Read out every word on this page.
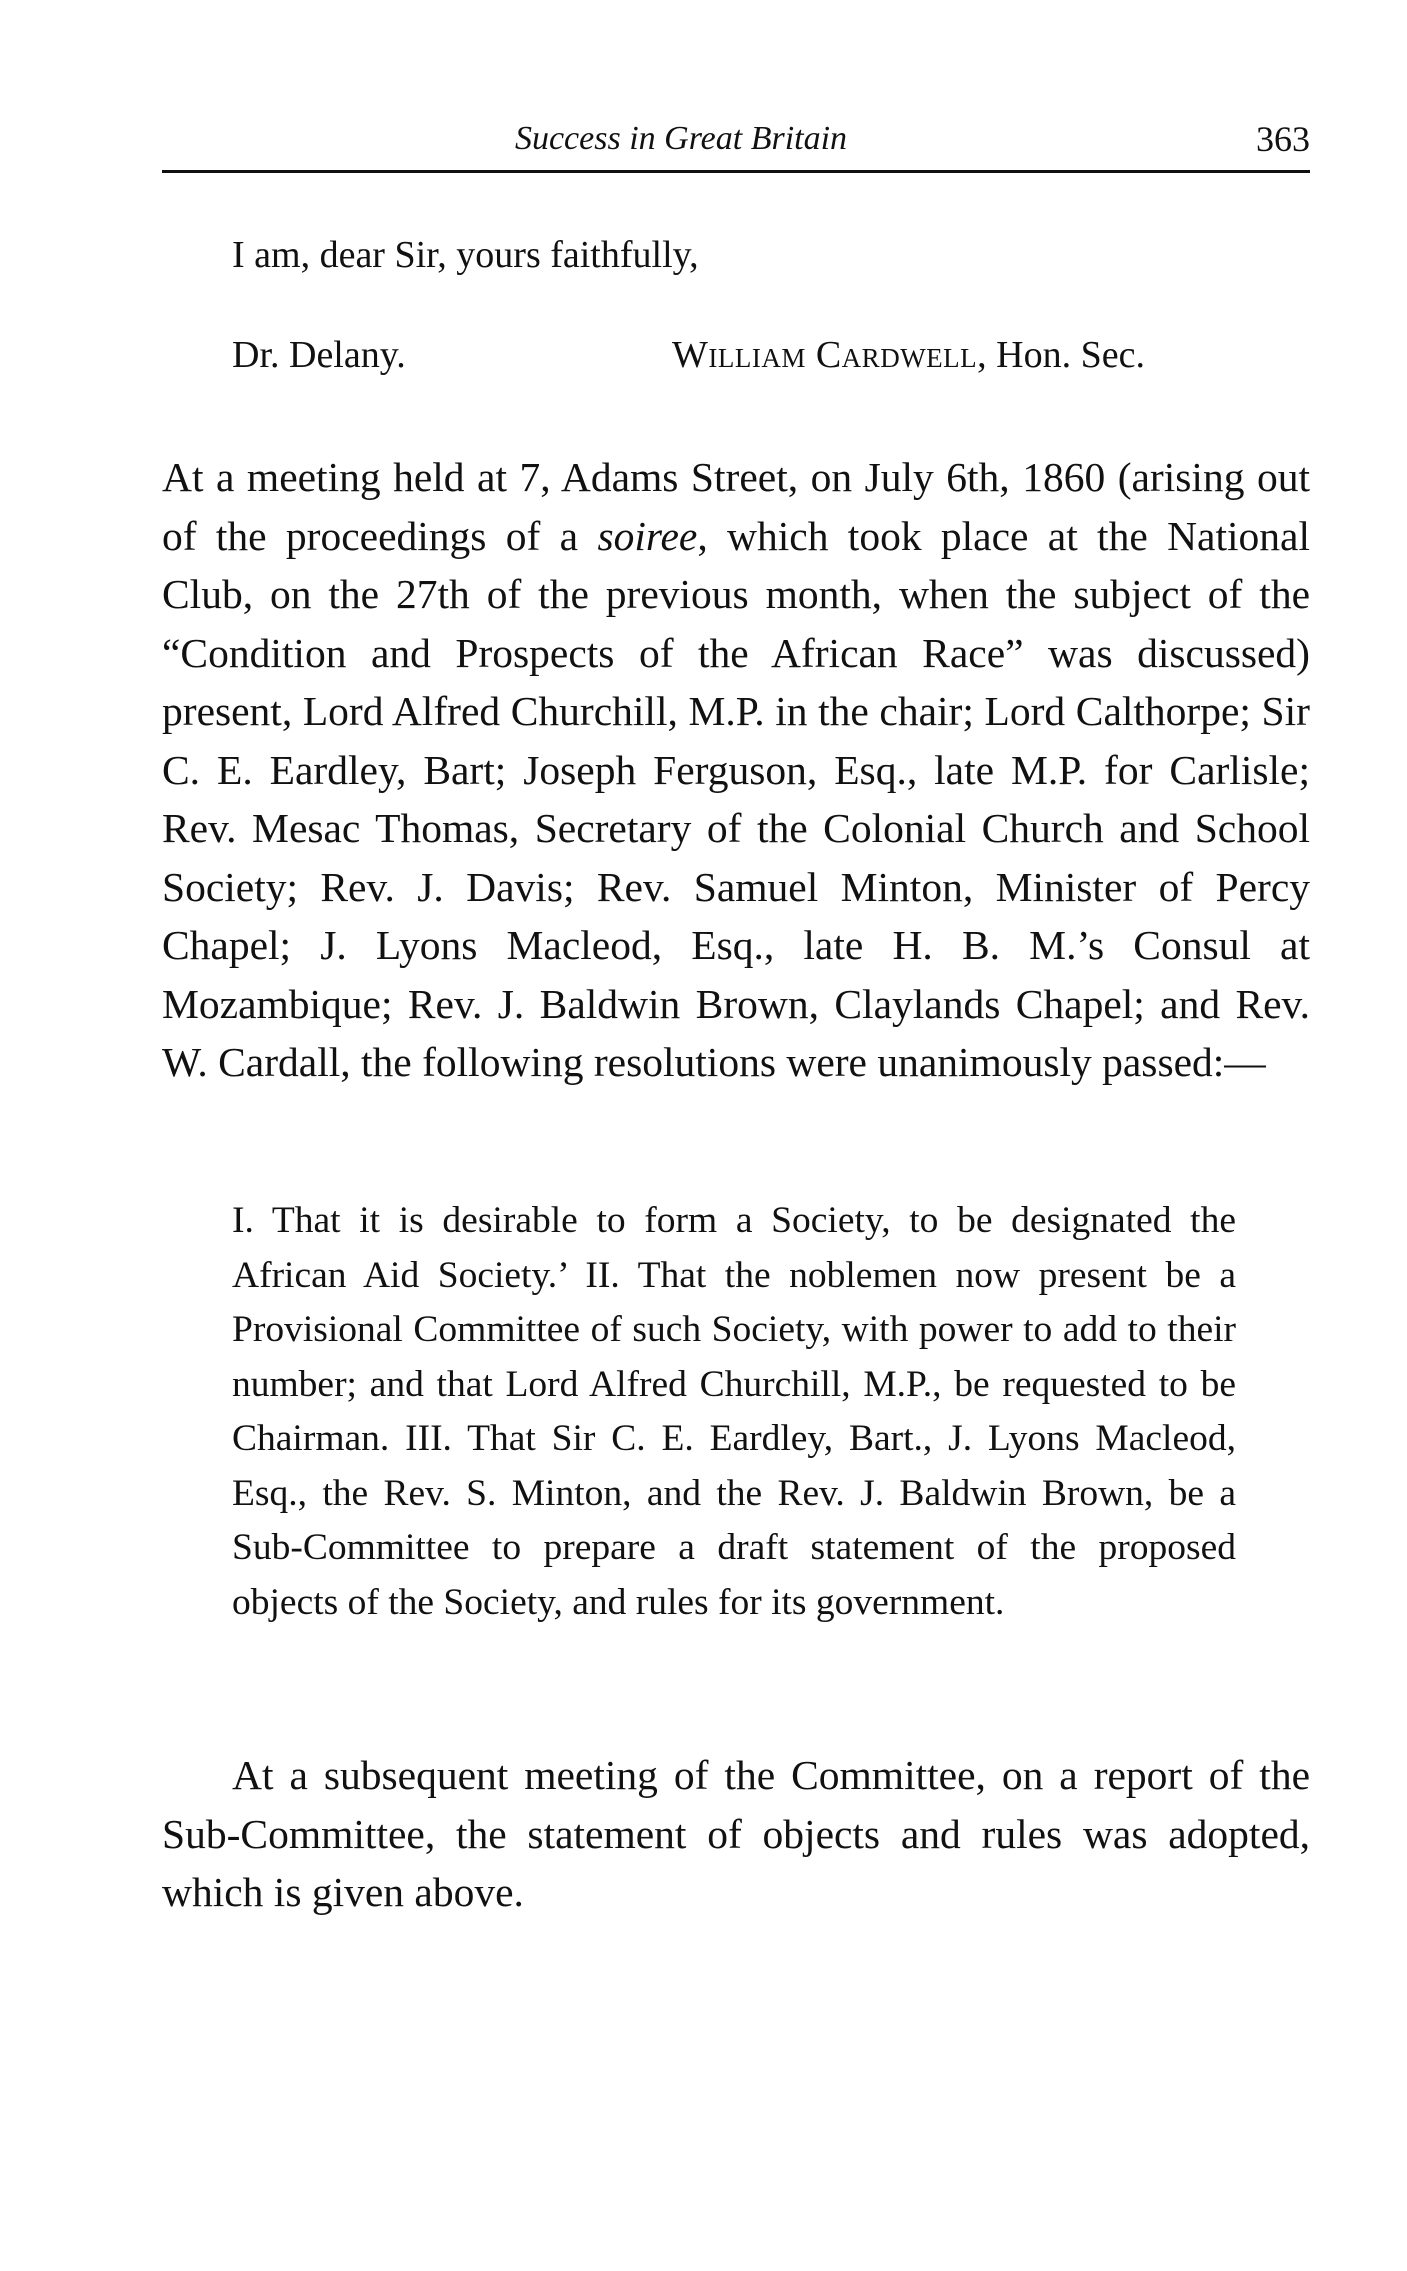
Success in Great Britain	363
I am, dear Sir, yours faithfully,
Dr. Delany.	William Cardwell, Hon. Sec.

At a meeting held at 7, Adams Street, on July 6th, 1860 (arising out of the proceedings of a soiree, which took place at the National Club, on the 27th of the previous month, when the subject of the “Condition and Prospects of the African Race” was discussed) present, Lord Alfred Churchill, M.P. in the chair; Lord Calthorpe; Sir C. E. Eardley, Bart; Joseph Ferguson, Esq., late M.P. for Carlisle; Rev. Mesac Thomas, Secretary of the Colonial Church and School Society; Rev. J. Davis; Rev. Samuel Minton, Minister of Percy Chapel; J. Lyons Macleod, Esq., late H. B. M.’s Consul at Mozambique; Rev. J. Baldwin Brown, Claylands Chapel; and Rev. W. Cardall, the following resolutions were unanimously passed:—

I. That it is desirable to form a Society, to be designated the African Aid Society.’ II. That the noblemen now present be a Provisional Committee of such Society, with power to add to their number; and that Lord Alfred Churchill, M.P., be requested to be Chairman. III. That Sir C. E. Eardley, Bart., J. Lyons Macleod, Esq., the Rev. S. Minton, and the Rev. J. Baldwin Brown, be a Sub-Committee to prepare a draft statement of the proposed objects of the Society, and rules for its government.

At a subsequent meeting of the Committee, on a report of the Sub-Committee, the statement of objects and rules was adopted, which is given above.
